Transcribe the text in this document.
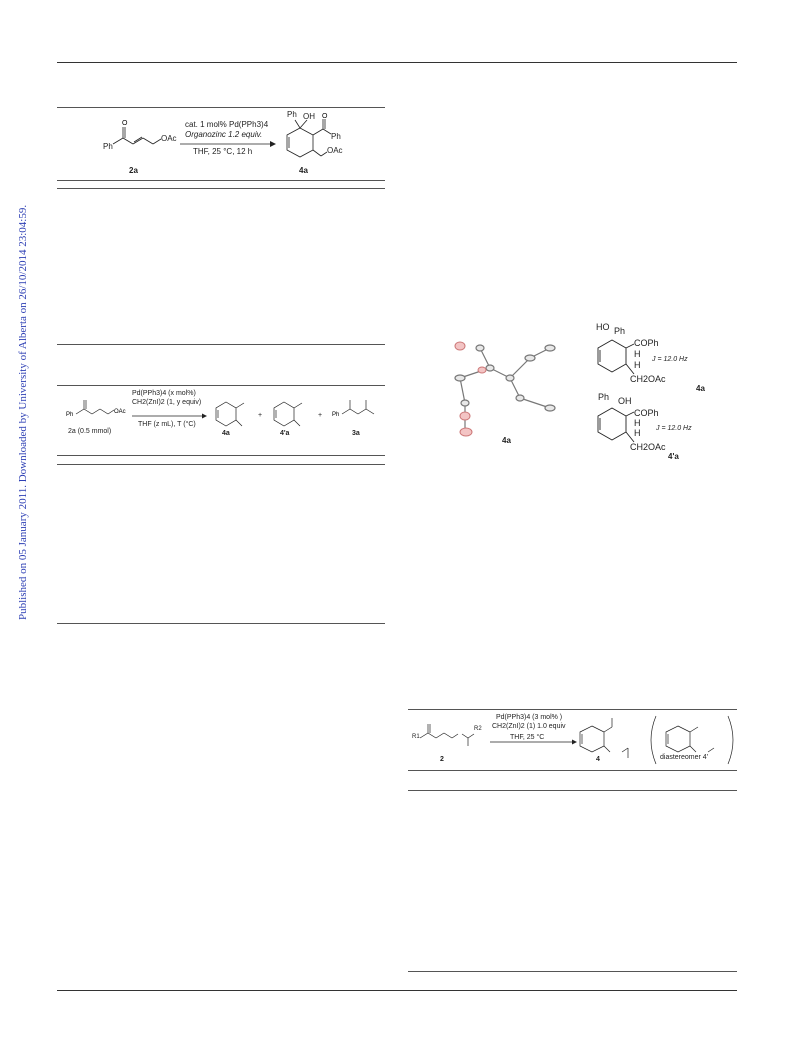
Published on 05 January 2011. Downloaded by University of Alberta on 26/10/2014 23:04:59.
O
O
Ph
OAc
2a
cat. 1 mol% Pd(PPh3)4
Organozinc 1.2 equiv.
THF, 25 °C, 12 h
Ph OH
Ph
OAc
4a
Ph	OAc	Ph
2a (0.5 mmol)
Pd(PPh3)4 (x mol%)
CH2(ZnI)2 (1, y equiv)
THF (z mL), T (°C)
4a
+
4'a
+
3a
4a
HO Ph
COPh
H
H
J = 12.0 Hz
CH2OAc
4a
Ph OH
COPh
H
H J = 12.0 Hz
CH2OAc
4'a
R1
R2
2
Pd(PPh3)4 (3 mol% )
CH2(ZnI)2 (1) 1.0 equiv
THF, 25 °C
4	diastereomer 4'
